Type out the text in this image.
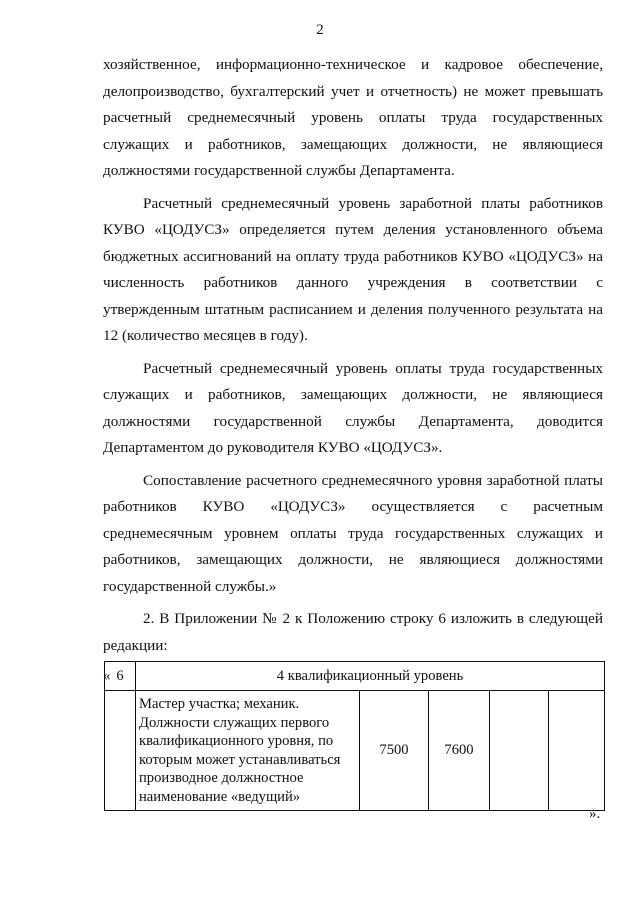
2

хозяйственное, информационно-техническое и кадровое обеспечение, делопроизводство, бухгалтерский учет и отчетность) не может превышать расчетный среднемесячный уровень оплаты труда государственных служащих и работников, замещающих должности, не являющиеся должностями государственной службы Департамента.

Расчетный среднемесячный уровень заработной платы работников КУВО «ЦОДУСЗ» определяется путем деления установленного объема бюджетных ассигнований на оплату труда работников КУВО «ЦОДУСЗ» на численность работников данного учреждения в соответствии с утвержденным штатным расписанием и деления полученного результата на 12 (количество месяцев в году).

Расчетный среднемесячный уровень оплаты труда государственных служащих и работников, замещающих должности, не являющиеся должностями государственной службы Департамента, доводится Департаментом до руководителя КУВО «ЦОДУСЗ».

Сопоставление расчетного среднемесячного уровня заработной платы работников КУВО «ЦОДУСЗ» осуществляется с расчетным среднемесячным уровнем оплаты труда государственных служащих и работников, замещающих должности, не являющиеся должностями государственной службы.»

2. В Приложении № 2 к Положению строку 6 изложить в следующей редакции:

« 6	4 квалификационный уровень				
	Мастер участка; механик. Должности служащих первого квалификационного уровня, по которым может устанавливаться производное должностное наименование «ведущий»	7500	7600		
».
